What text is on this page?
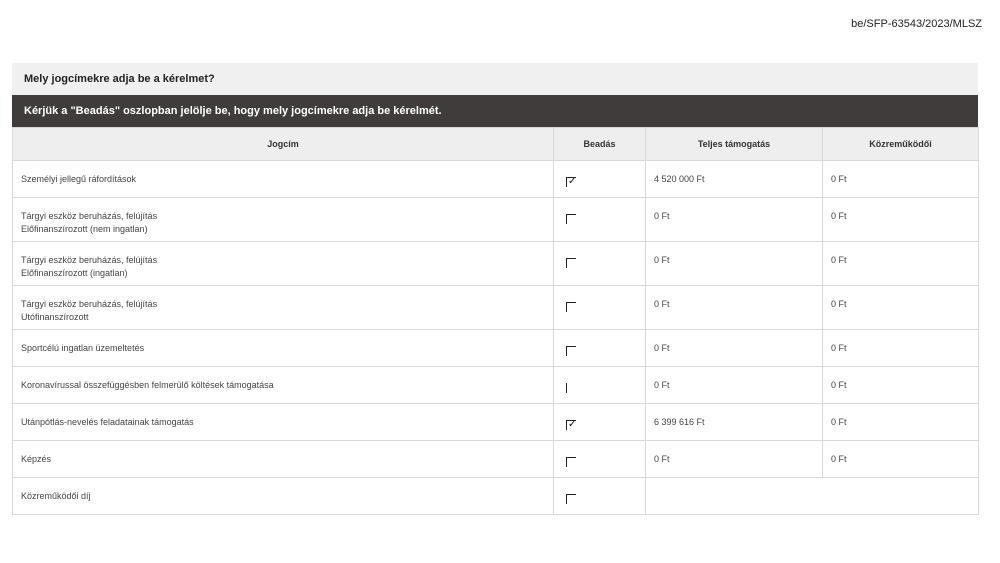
be/SFP-63543/2023/MLSZ
Mely jogcímekre adja be a kérelmet?
Kérjük a "Beadás" oszlopban jelölje be, hogy mely jogcímekre adja be kérelmét.
Jogcím	Beadás	Teljes támogatás	Közreműködői

Személyi jellegű ráfordítások
	✓	4 520 000 Ft	0 Ft

Tárgyi eszköz beruházás, felújítás
Előfinanszírozott (nem ingatlan)		0 Ft	0 Ft

Tárgyi eszköz beruházás, felújítás
Előfinanszírozott (ingatlan)		0 Ft	0 Ft

Tárgyi eszköz beruházás, felújítás
Utófinanszírozott		0 Ft	0 Ft

Sportcélú ingatlan üzemeltetés		0 Ft	0 Ft

Koronavírussal összefüggésben felmerülő költések támogatása		0 Ft	0 Ft

Utánpótlás-nevelés feladatainak támogatás
	✓	6 399 616 Ft	0 Ft

Képzés		0 Ft	0 Ft

Közreműködői díj			
